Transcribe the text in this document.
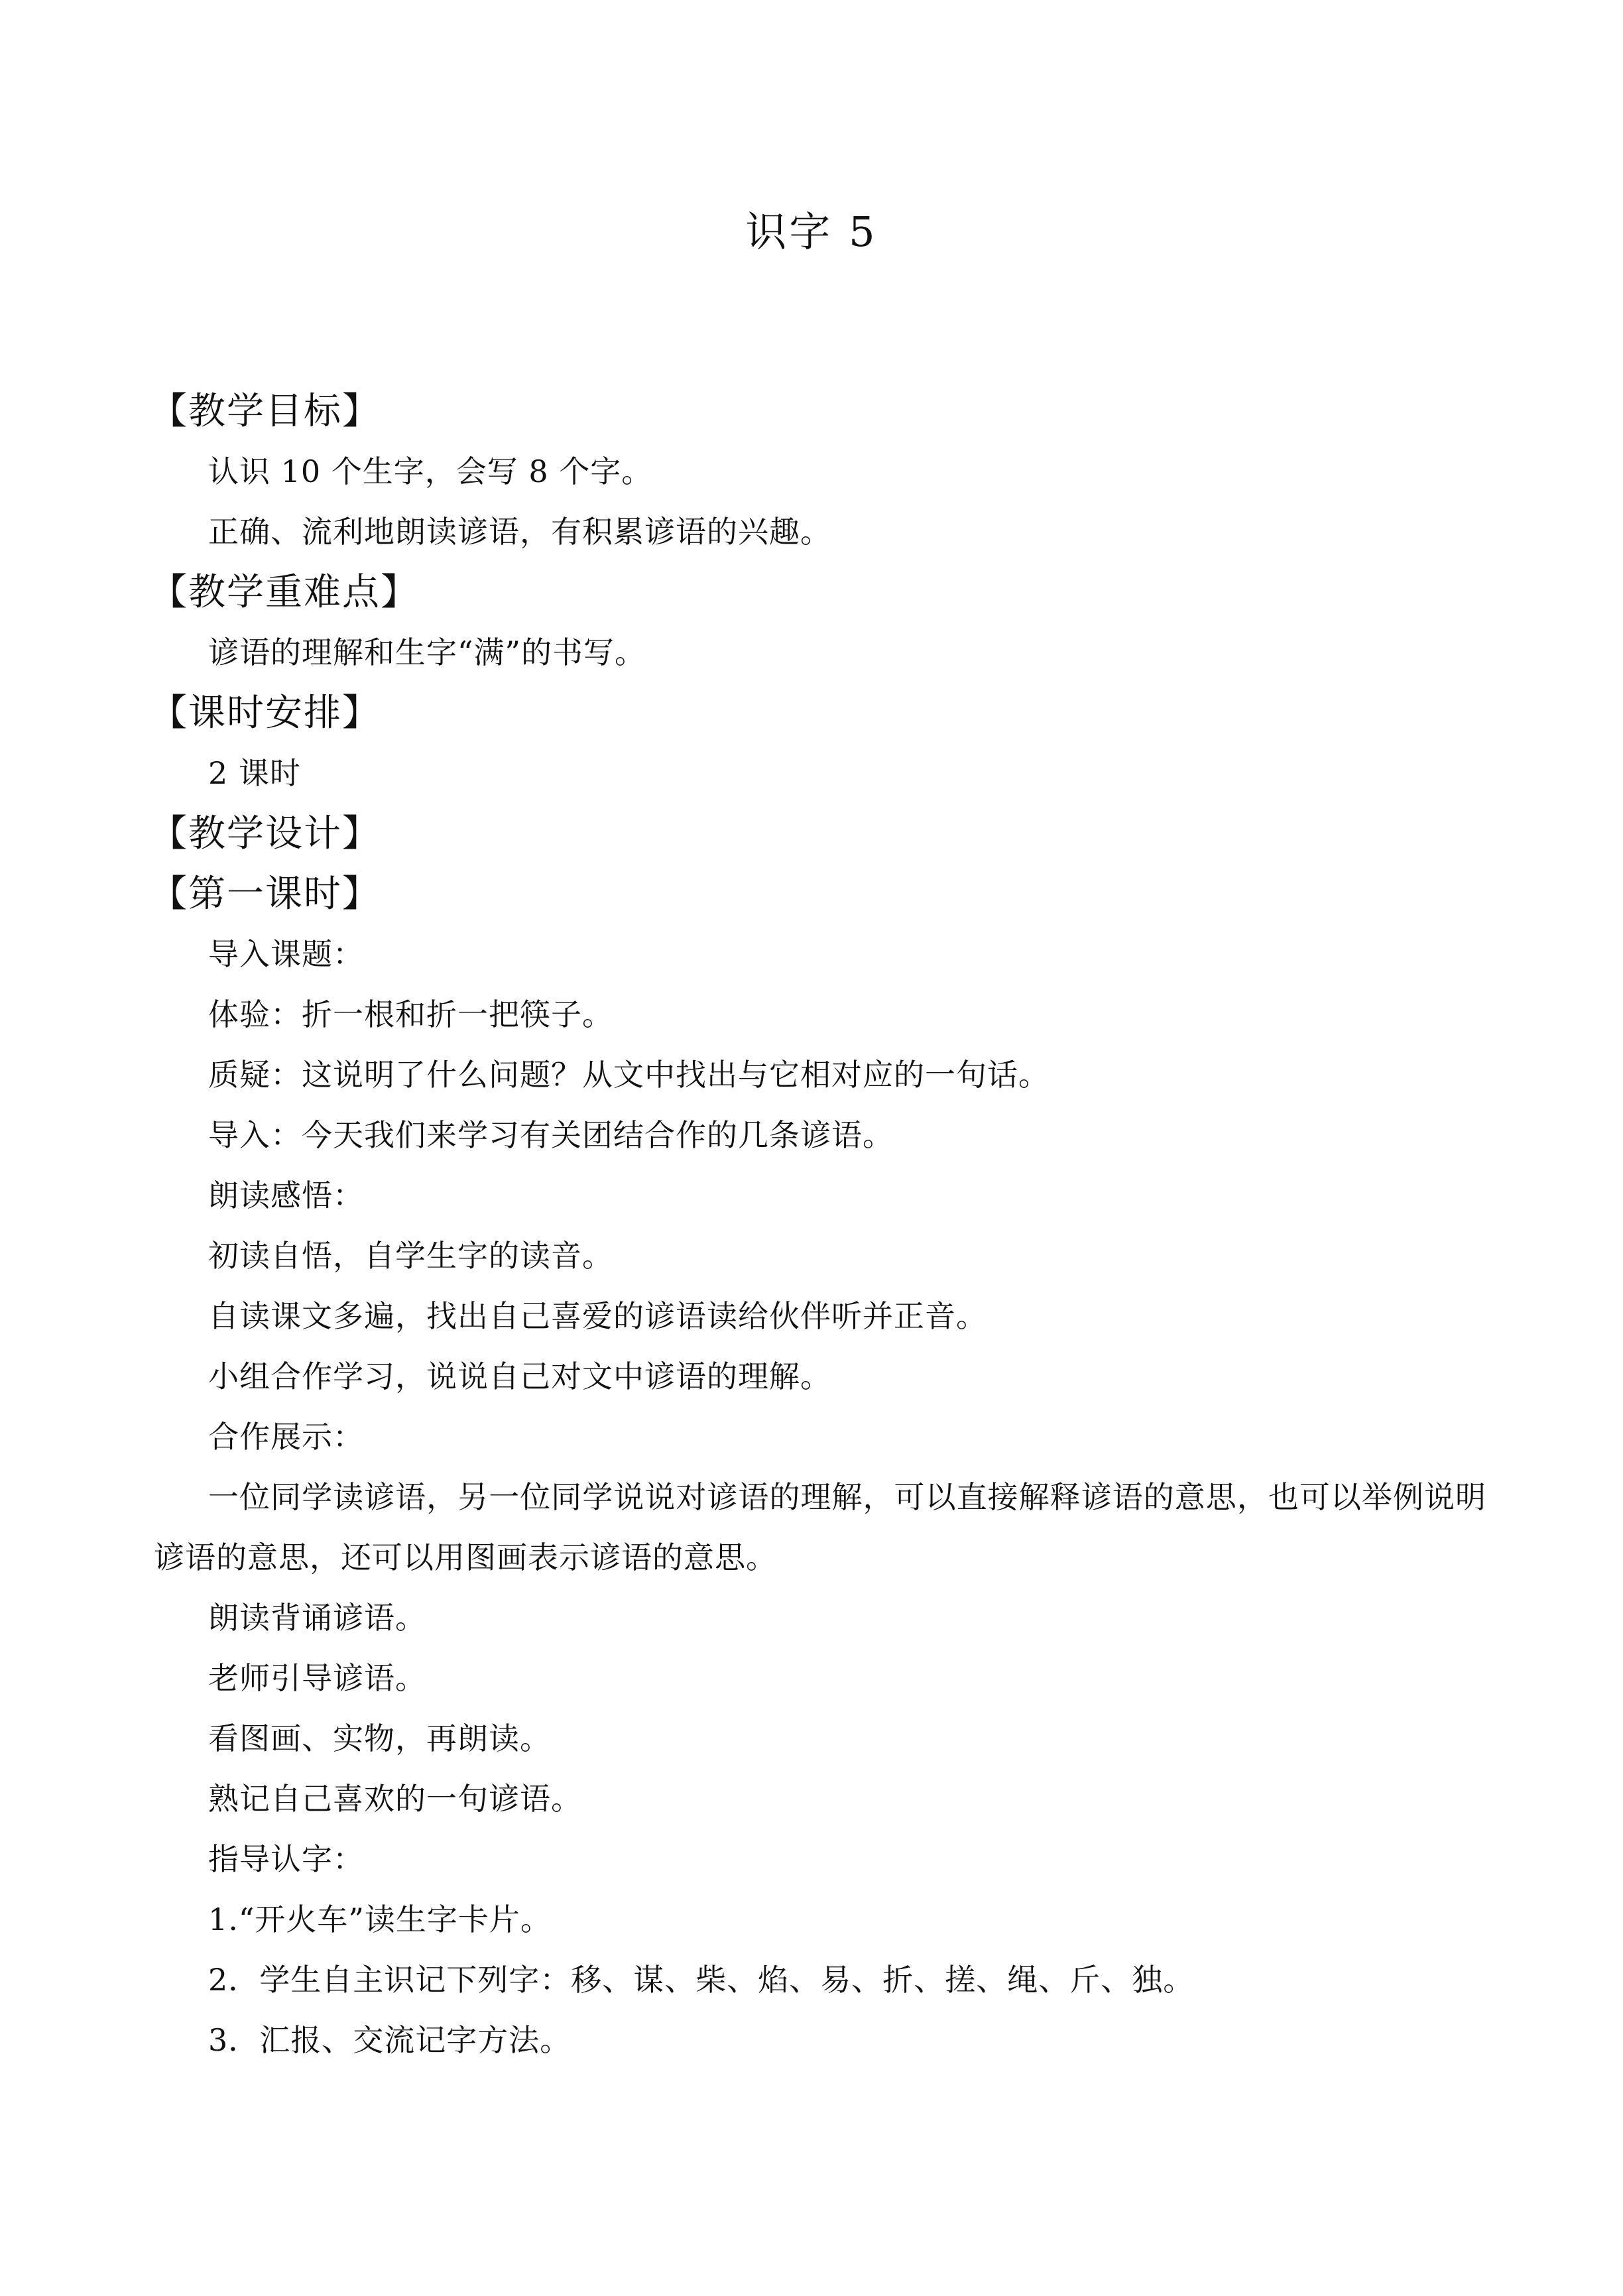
识字 5
【教学目标】
认识 10 个生字，会写 8 个字。
正确、流利地朗读谚语，有积累谚语的兴趣。
【教学重难点】
谚语的理解和生字“满”的书写。
【课时安排】
2 课时
【教学设计】
【第一课时】
导入课题：
体验：折一根和折一把筷子。
质疑：这说明了什么问题？从文中找出与它相对应的一句话。
导入：今天我们来学习有关团结合作的几条谚语。
朗读感悟：
初读自悟，自学生字的读音。
自读课文多遍，找出自己喜爱的谚语读给伙伴听并正音。
小组合作学习，说说自己对文中谚语的理解。
合作展示：

一位同学读谚语，另一位同学说说对谚语的理解，可以直接解释谚语的意思，也可以举例说明谚语的意思，还可以用图画表示谚语的意思。

朗读背诵谚语。
老师引导谚语。
看图画、实物，再朗读。
熟记自己喜欢的一句谚语。
指导认字：
1.“开火车”读生字卡片。
2．学生自主识记下列字：移、谋、柴、焰、易、折、搓、绳、斤、独。
3．汇报、交流记字方法。
